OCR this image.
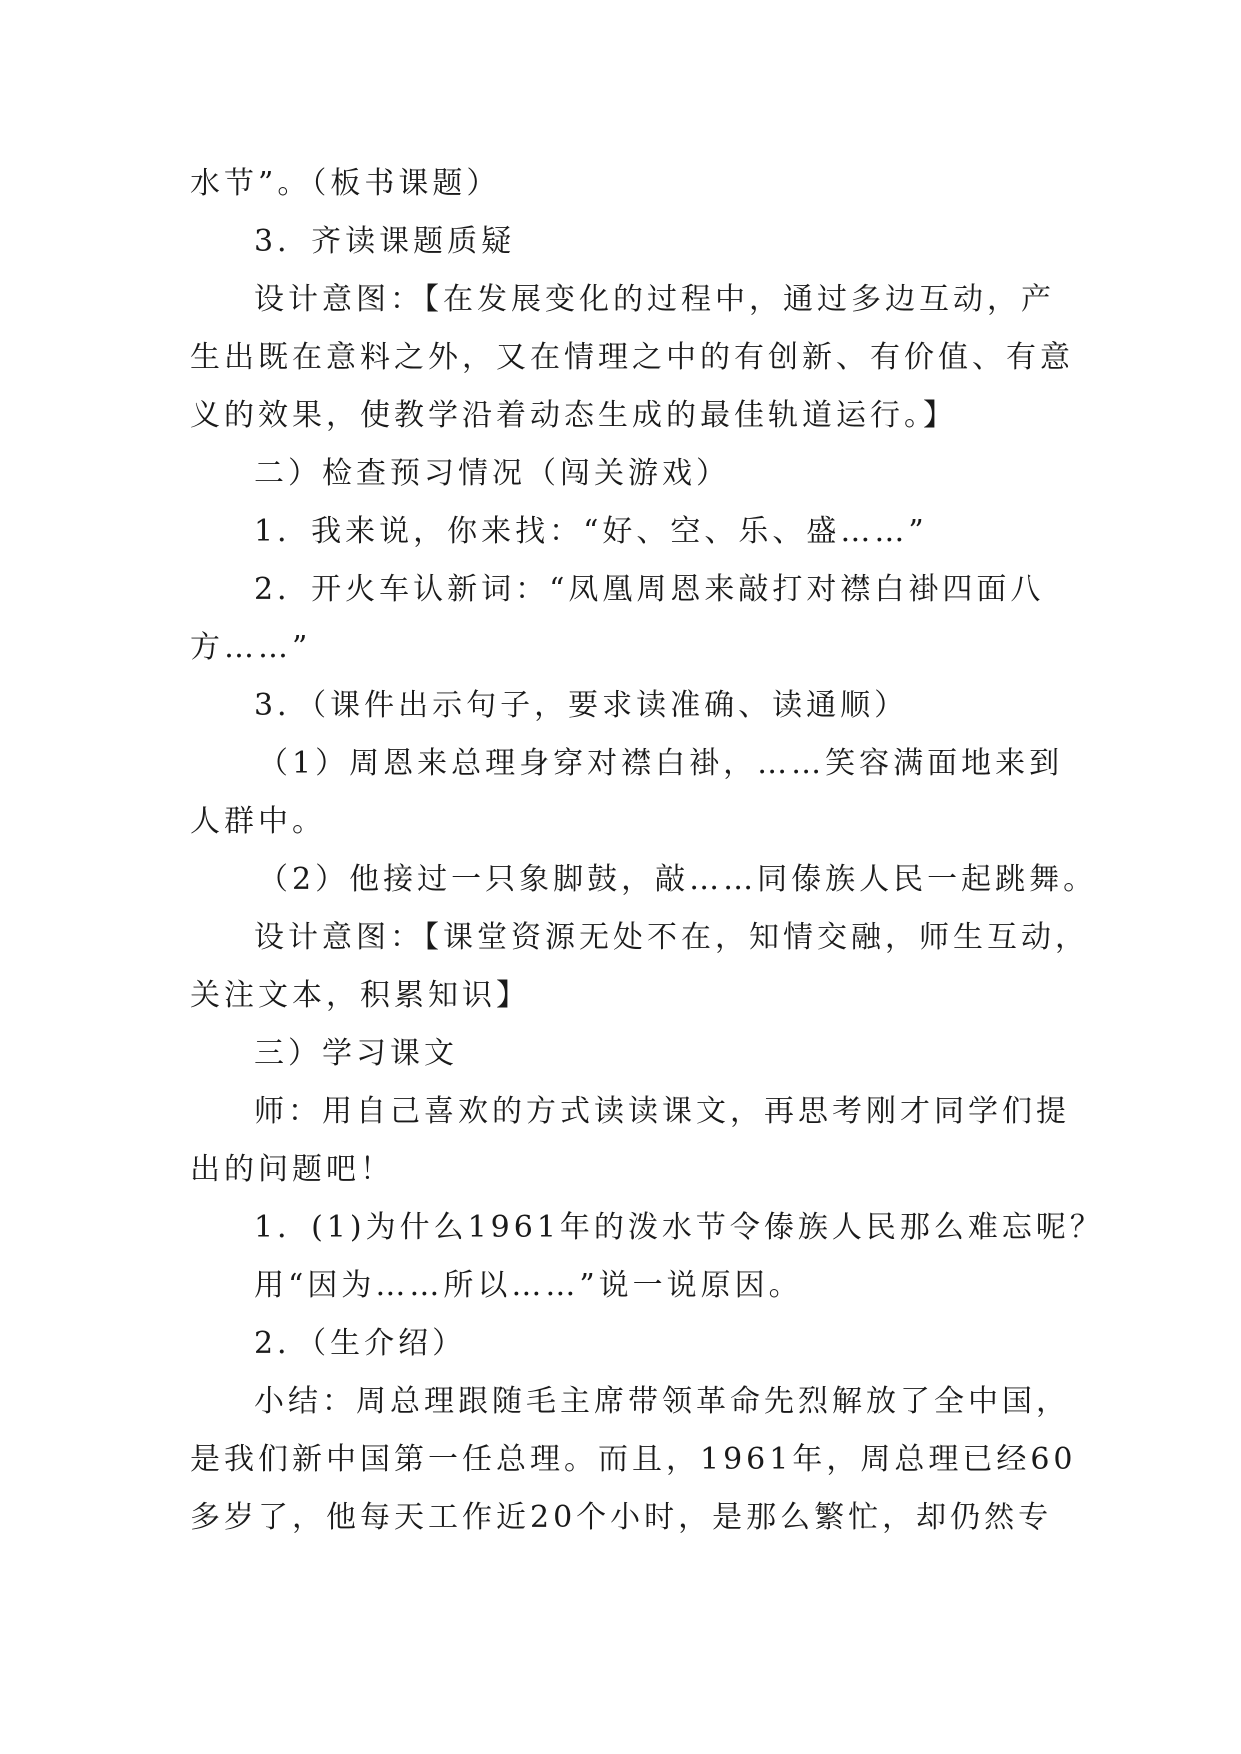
水节”。（板书课题）
3．齐读课题质疑
设计意图：【在发展变化的过程中，通过多边互动，产
生出既在意料之外，又在情理之中的有创新、有价值、有意
义的效果，使教学沿着动态生成的最佳轨道运行。】
二）检查预习情况（闯关游戏）
1．我来说，你来找：“好、空、乐、盛……”
2．开火车认新词：“凤凰周恩来敲打对襟白褂四面八
方……”
3．（课件出示句子，要求读准确、读通顺）
（1）周恩来总理身穿对襟白褂，……笑容满面地来到
人群中。
（2）他接过一只象脚鼓，敲……同傣族人民一起跳舞。
设计意图：【课堂资源无处不在，知情交融，师生互动，
关注文本，积累知识】
三）学习课文
师：用自己喜欢的方式读读课文，再思考刚才同学们提
出的问题吧！
1．(1)为什么1961年的泼水节令傣族人民那么难忘呢？
用“因为……所以……”说一说原因。
2．（生介绍）
小结：周总理跟随毛主席带领革命先烈解放了全中国，
是我们新中国第一任总理。而且，1961年，周总理已经60
多岁了，他每天工作近20个小时，是那么繁忙，却仍然专
